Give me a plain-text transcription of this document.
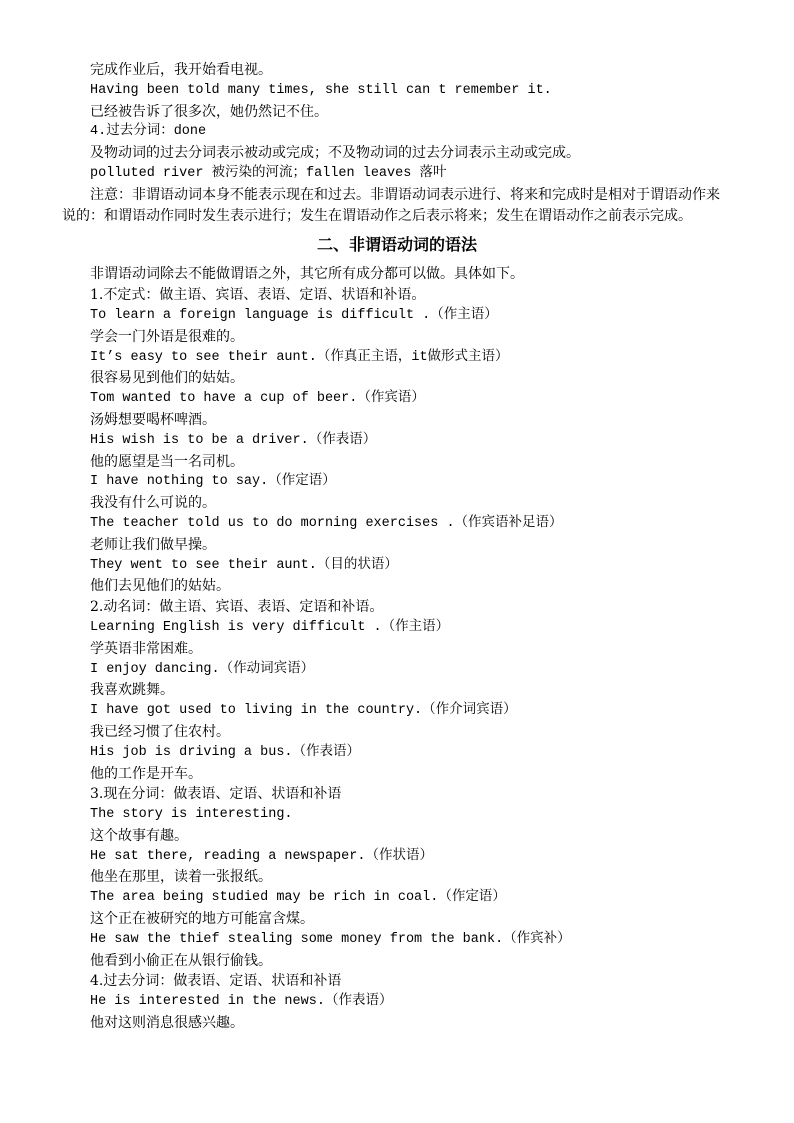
完成作业后，我开始看电视。

Having been told many times, she still can t remember it.

已经被告诉了很多次，她仍然记不住。

4.过去分词：done

及物动词的过去分词表示被动或完成；不及物动词的过去分词表示主动或完成。

polluted river 被污染的河流；fallen leaves 落叶

注意：非谓语动词本身不能表示现在和过去。非谓语动词表示进行、将来和完成时是相对于谓语动作来说的：和谓语动作同时发生表示进行；发生在谓语动作之后表示将来；发生在谓语动作之前表示完成。

二、非谓语动词的语法

非谓语动词除去不能做谓语之外，其它所有成分都可以做。具体如下。

1.不定式：做主语、宾语、表语、定语、状语和补语。

To learn a foreign language is difficult .（作主语）

学会一门外语是很难的。

It’s easy to see their aunt.（作真正主语，it做形式主语）

很容易见到他们的姑姑。

Tom wanted to have a cup of beer.（作宾语）

汤姆想要喝杯啤酒。

His wish is to be a driver.（作表语）

他的愿望是当一名司机。

I have nothing to say.（作定语）

我没有什么可说的。

The teacher told us to do morning exercises .（作宾语补足语）

老师让我们做早操。

They went to see their aunt.（目的状语）

他们去见他们的姑姑。

2.动名词：做主语、宾语、表语、定语和补语。

Learning English is very difficult .（作主语）

学英语非常困难。

I enjoy dancing.（作动词宾语）

我喜欢跳舞。

I have got used to living in the country.（作介词宾语）

我已经习惯了住农村。

His job is driving a bus.（作表语）

他的工作是开车。

3.现在分词：做表语、定语、状语和补语

The story is interesting.

这个故事有趣。

He sat there, reading a newspaper.（作状语）

他坐在那里，读着一张报纸。

The area being studied may be rich in coal.（作定语）

这个正在被研究的地方可能富含煤。

He saw the thief stealing some money from the bank.（作宾补）

他看到小偷正在从银行偷钱。

4.过去分词：做表语、定语、状语和补语

He is interested in the news.（作表语）

他对这则消息很感兴趣。
